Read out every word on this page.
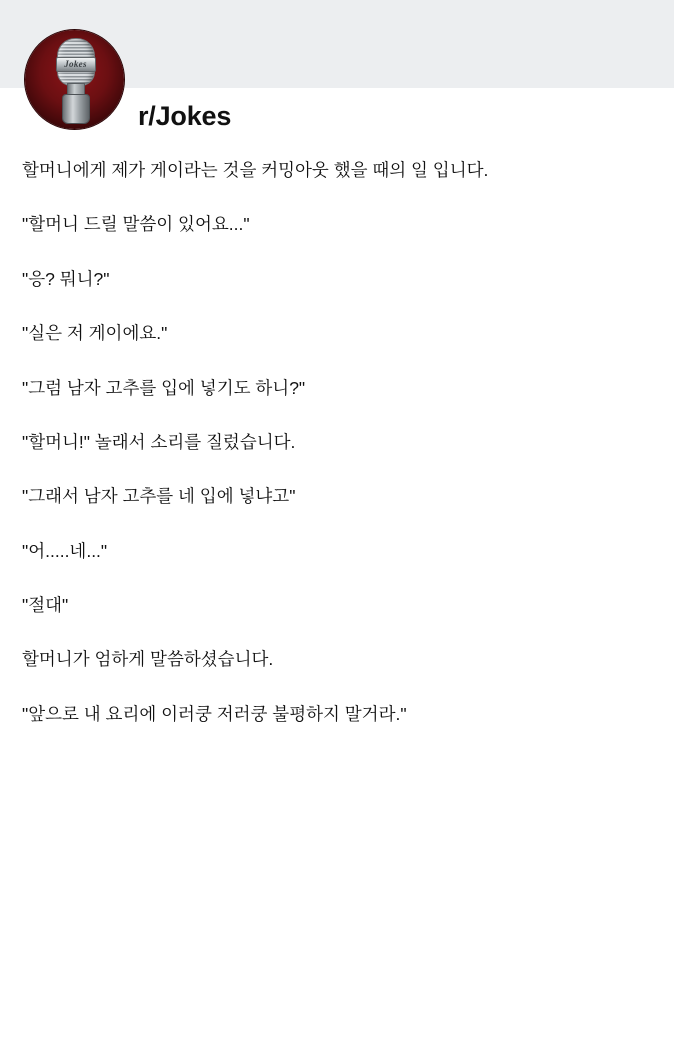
Jokes
r/Jokes

할머니에게 제가 게이라는 것을 커밍아웃 했을 때의 일 입니다.

"할머니 드릴 말씀이 있어요..."

"응? 뭐니?"

"실은 저 게이에요."

"그럼 남자 고추를 입에 넣기도 하니?"

"할머니!" 놀래서 소리를 질렀습니다.

"그래서 남자 고추를 네 입에 넣냐고"

"어.....네..."

"절대"

할머니가 엄하게 말씀하셨습니다.

"앞으로 내 요리에 이러쿵 저러쿵 불평하지 말거라."
